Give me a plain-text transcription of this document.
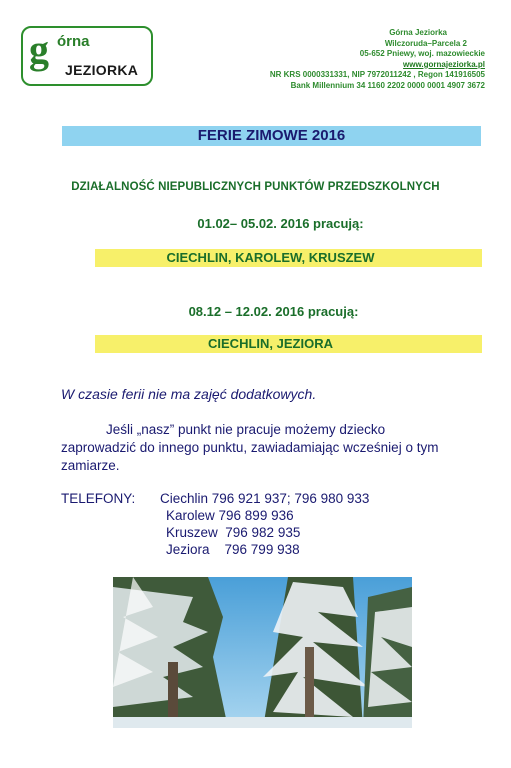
g órna
JEZIORKA
Górna Jeziorka
Wilczoruda–Parcela 2
05-652 Pniewy, woj. mazowieckie
www.gornajeziorka.pl
NR KRS 0000331331, NIP 7972011242 , Regon 141916505
Bank Millennium 34 1160 2202 0000 0001 4907 3672
FERIE ZIMOWE 2016
DZIAŁALNOŚĆ NIEPUBLICZNYCH PUNKTÓW PRZEDSZKOLNYCH
01.02– 05.02. 2016 pracują:
CIECHLIN, KAROLEW, KRUSZEW
08.12 – 12.02. 2016 pracują:
CIECHLIN, JEZIORA
W czasie ferii nie ma zajęć dodatkowych.
Jeśli „nasz” punkt nie pracuje możemy dziecko
zaprowadzić do innego punktu, zawiadamiając wcześniej o tym
zamiarze.
TELEFONY: Ciechlin 796 921 937; 796 980 933
Karolew 796 899 936
Kruszew  796 982 935
Jeziora    796 799 938
